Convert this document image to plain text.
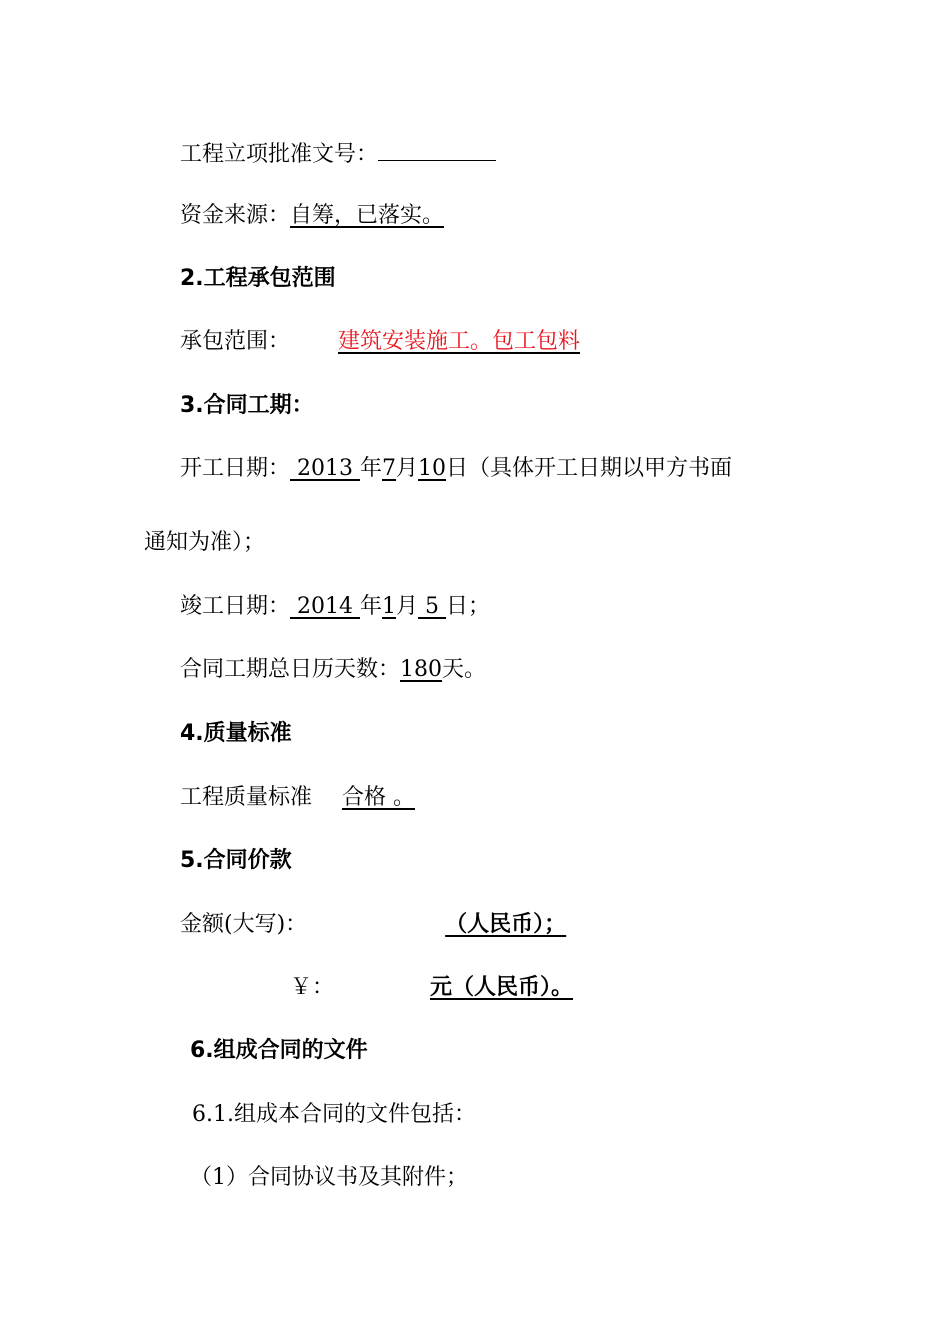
工程立项批准文号：
资金来源：自筹，已落实。
2.工程承包范围
承包范围： 建筑安装施工。包工包料
3.合同工期：
开工日期： 2013 年7月10日（具体开工日期以甲方书面
通知为准）；
竣工日期： 2014 年1月 5 日；
合同工期总日历天数：180天。
4.质量标准
工程质量标准 合格 。
5.合同价款
金额(大写)：	（人民币）；
￥：	元（人民币）。
6.组成合同的文件
6.1.组成本合同的文件包括：
（1）合同协议书及其附件；
